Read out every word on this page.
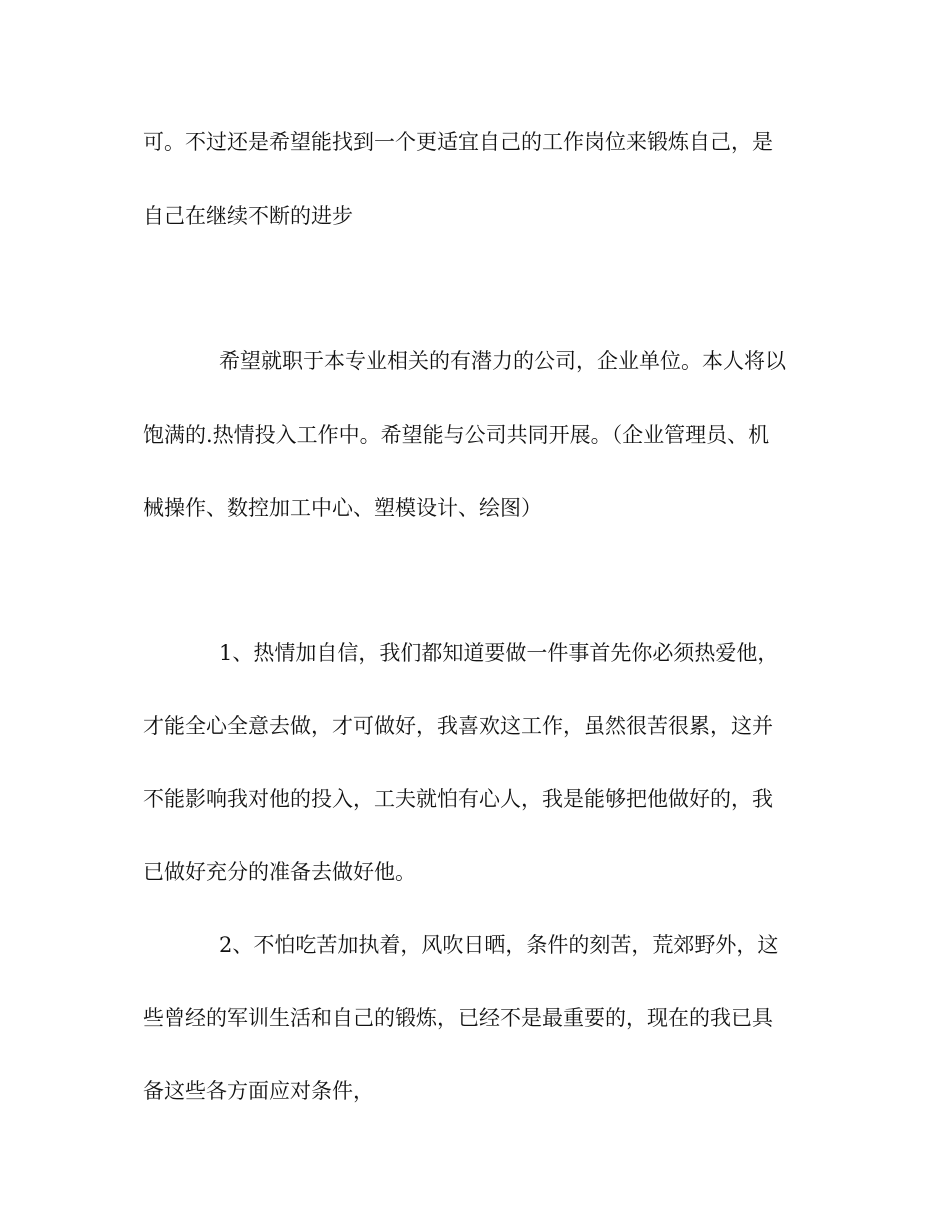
可。不过还是希望能找到一个更适宜自己的工作岗位来锻炼自己，是
自己在继续不断的进步
希望就职于本专业相关的有潜力的公司，企业单位。本人将以
饱满的.热情投入工作中。希望能与公司共同开展。（企业管理员、机
械操作、数控加工中心、塑模设计、绘图）
1、热情加自信，我们都知道要做一件事首先你必须热爱他，
才能全心全意去做，才可做好，我喜欢这工作，虽然很苦很累，这并
不能影响我对他的投入，工夫就怕有心人，我是能够把他做好的，我
已做好充分的准备去做好他。
2、不怕吃苦加执着，风吹日晒，条件的刻苦，荒郊野外，这
些曾经的军训生活和自己的锻炼，已经不是最重要的，现在的我已具
备这些各方面应对条件，
